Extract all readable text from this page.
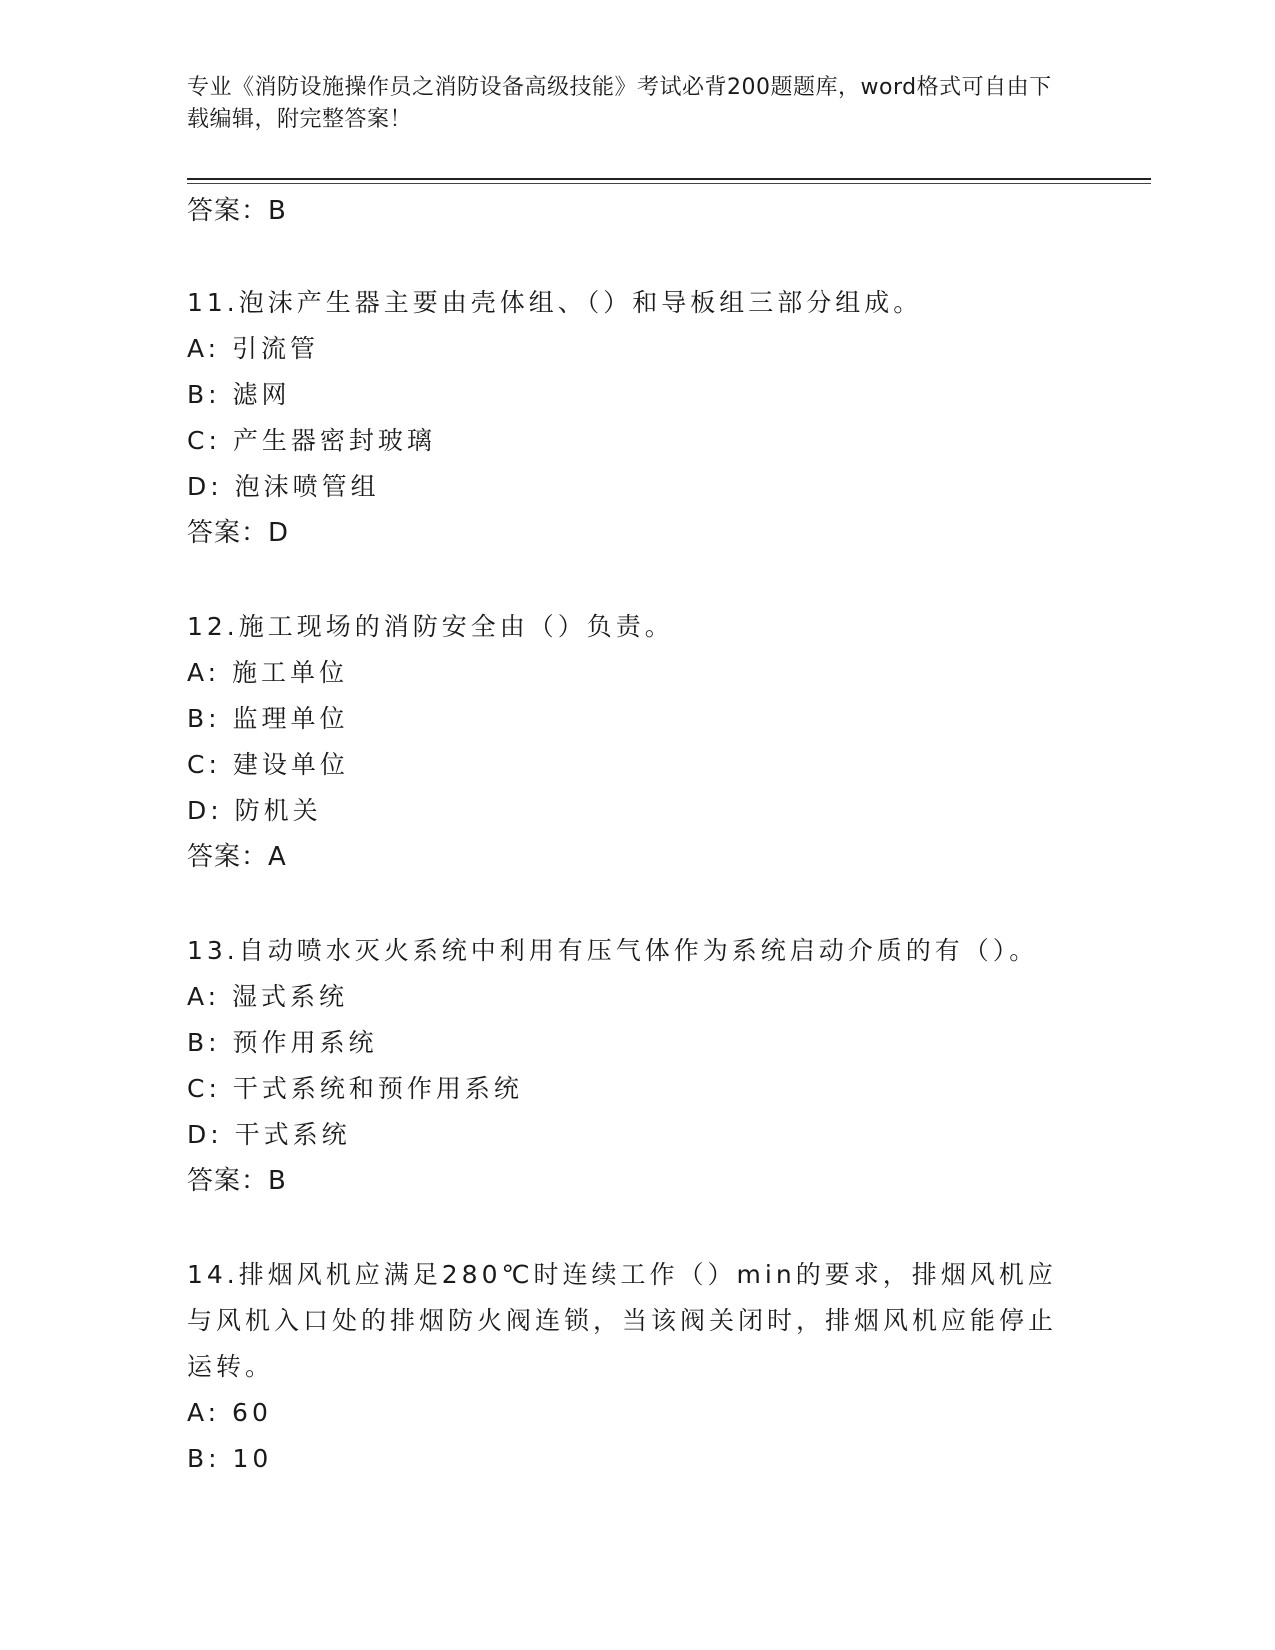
专业《消防设施操作员之消防设备高级技能》考试必背200题题库，word格式可自由下载编辑，附完整答案！
答案：B
11.泡沫产生器主要由壳体组、（）和导板组三部分组成。
A: 引流管
B: 滤网
C: 产生器密封玻璃
D: 泡沫喷管组
答案：D
12.施工现场的消防安全由（）负责。
A: 施工单位
B: 监理单位
C: 建设单位
D: 防机关
答案：A
13.自动喷水灭火系统中利用有压气体作为系统启动介质的有（）。
A: 湿式系统
B: 预作用系统
C: 干式系统和预作用系统
D: 干式系统
答案：B
14.排烟风机应满足280℃时连续工作（）min的要求，排烟风机应与风机入口处的排烟防火阀连锁，当该阀关闭时，排烟风机应能停止运转。
A: 60
B: 10
